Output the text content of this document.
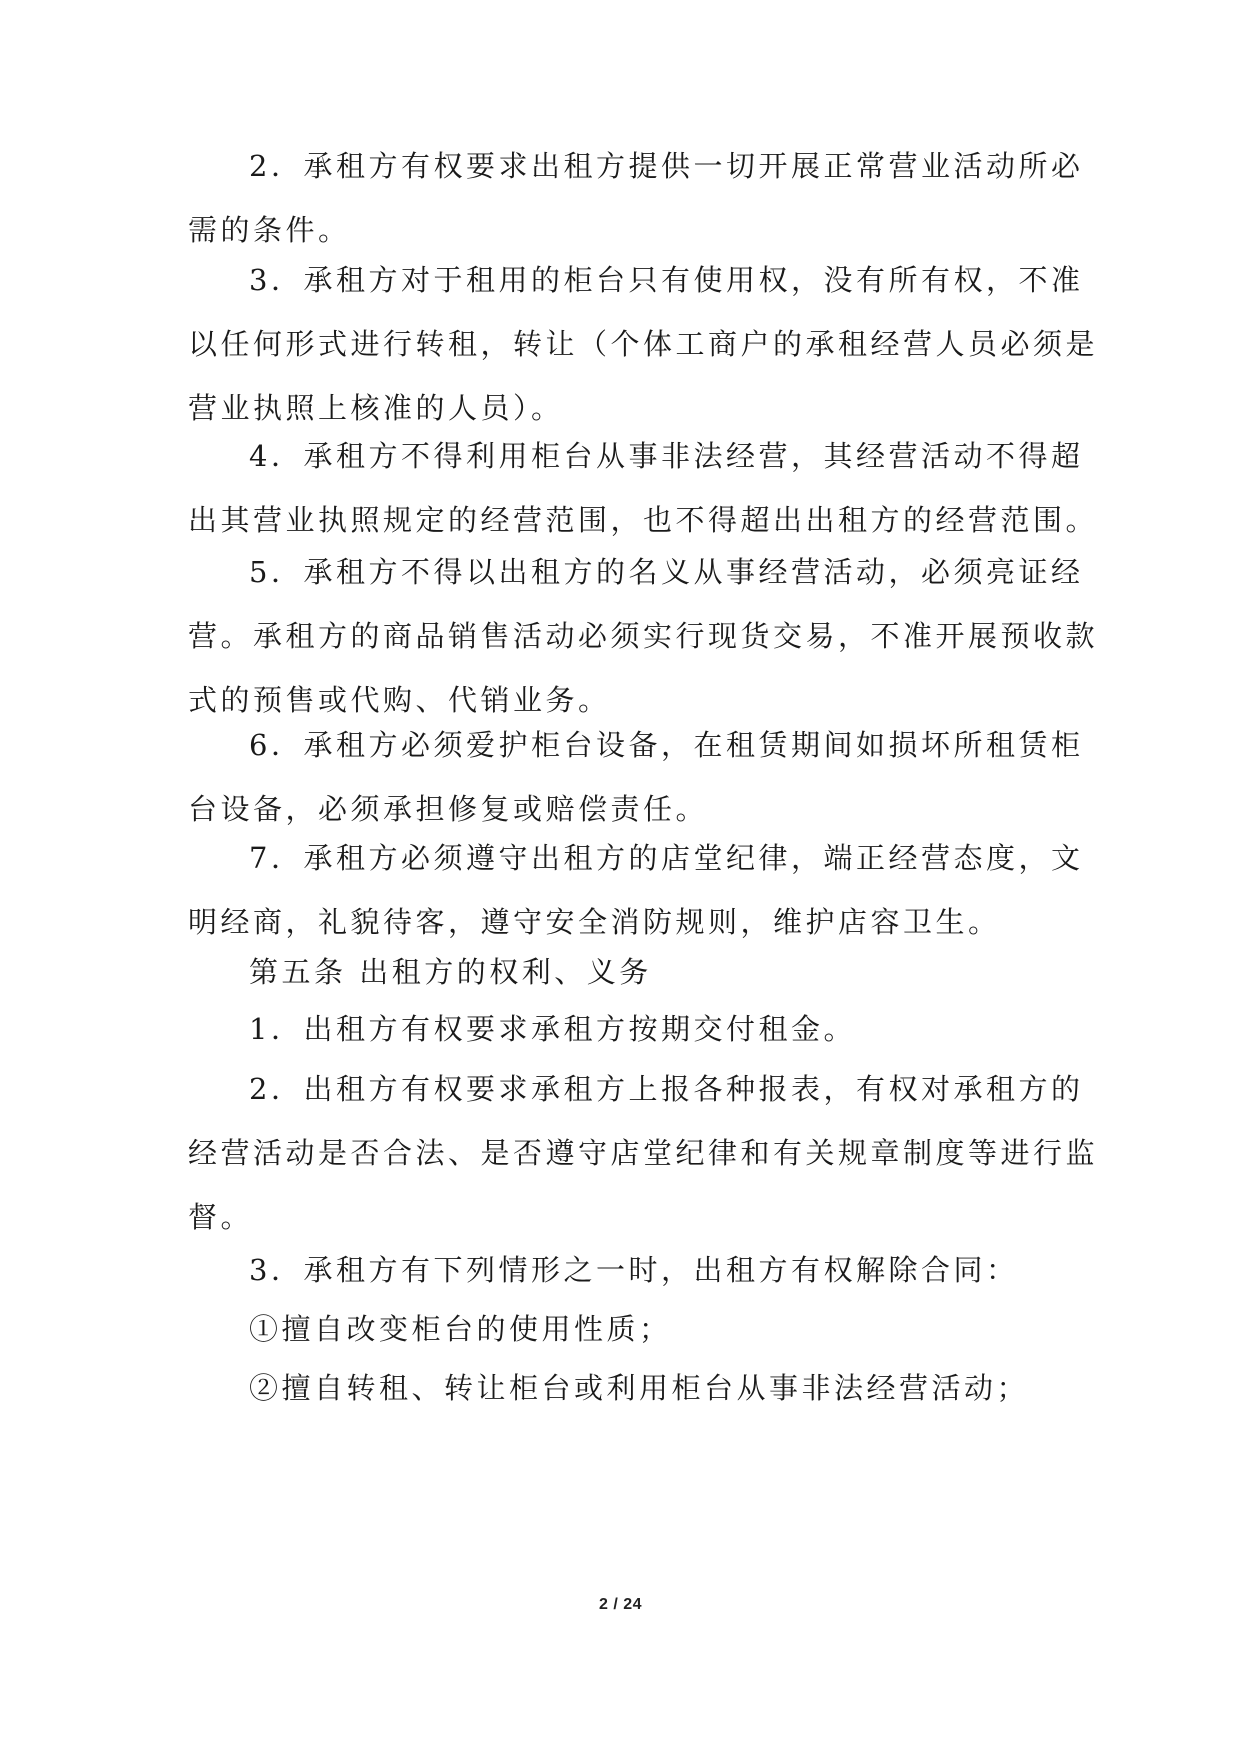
2．承租方有权要求出租方提供一切开展正常营业活动所必
需的条件。

3．承租方对于租用的柜台只有使用权，没有所有权，不准
以任何形式进行转租，转让（个体工商户的承租经营人员必须是
营业执照上核准的人员）。

4．承租方不得利用柜台从事非法经营，其经营活动不得超
出其营业执照规定的经营范围，也不得超出出租方的经营范围。

5．承租方不得以出租方的名义从事经营活动，必须亮证经
营。承租方的商品销售活动必须实行现货交易，不准开展预收款
式的预售或代购、代销业务。

6．承租方必须爱护柜台设备，在租赁期间如损坏所租赁柜
台设备，必须承担修复或赔偿责任。

7．承租方必须遵守出租方的店堂纪律，端正经营态度，文
明经商，礼貌待客，遵守安全消防规则，维护店容卫生。

第五条 出租方的权利、义务

1．出租方有权要求承租方按期交付租金。

2．出租方有权要求承租方上报各种报表，有权对承租方的
经营活动是否合法、是否遵守店堂纪律和有关规章制度等进行监
督。

3．承租方有下列情形之一时，出租方有权解除合同：

①擅自改变柜台的使用性质；

②擅自转租、转让柜台或利用柜台从事非法经营活动；

2 / 24
